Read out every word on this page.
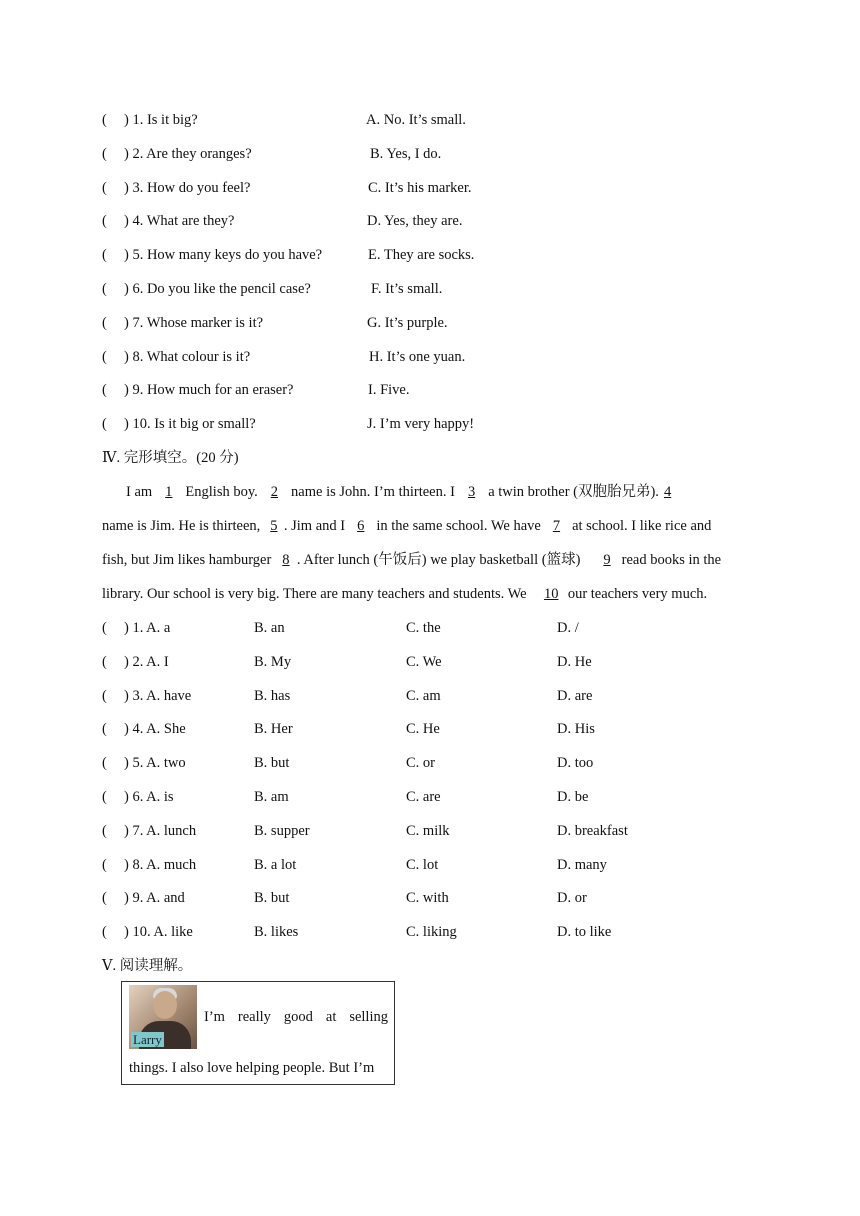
( ) 1. Is it big?	A. No. It’s small.
( ) 2. Are they oranges?	B. Yes, I do.
( ) 3. How do you feel?	C. It’s his marker.
( ) 4. What are they?	D. Yes, they are.
( ) 5. How many keys do you have?	E. They are socks.
( ) 6. Do you like the pencil case?	F. It’s small.
( ) 7. Whose marker is it?	G. It’s purple.
( ) 8. What colour is it?	H. It’s one yuan.
( ) 9. How much for an eraser?	I. Five.
( ) 10. Is it big or small?	J. I’m very happy!
Ⅳ. 完形填空。(20 分)
I am 1 English boy. 2 name is John. I’m thirteen. I 3 a twin brother (双胞胎兄弟). 4
name is Jim. He is thirteen, 5 . Jim and I 6 in the same school. We have 7 at school. I like rice and
fish, but Jim likes hamburger 8 . After lunch (午饭后) we play basketball (篮球) 9 read books in the
library. Our school is very big. There are many teachers and students. We 10 our teachers very much.
( ) 1. A. a	B. an	C. the	D. /
( ) 2. A. I	B. My	C. We	D. He
( ) 3. A. have	B. has	C. am	D. are
( ) 4. A. She	B. Her	C. He	D. His
( ) 5. A. two	B. but	C. or	D. too
( ) 6. A. is	B. am	C. are	D. be
( ) 7. A. lunch	B. supper	C. milk	D. breakfast
( ) 8. A. much	B. a lot	C. lot	D. many
( ) 9. A. and	B. but	C. with	D. or
( ) 10. A. like	B. likes	C. liking	D. to like
Ⅴ. 阅读理解。
Larry
I’m really good at selling
things. I also love helping people. But I’m
